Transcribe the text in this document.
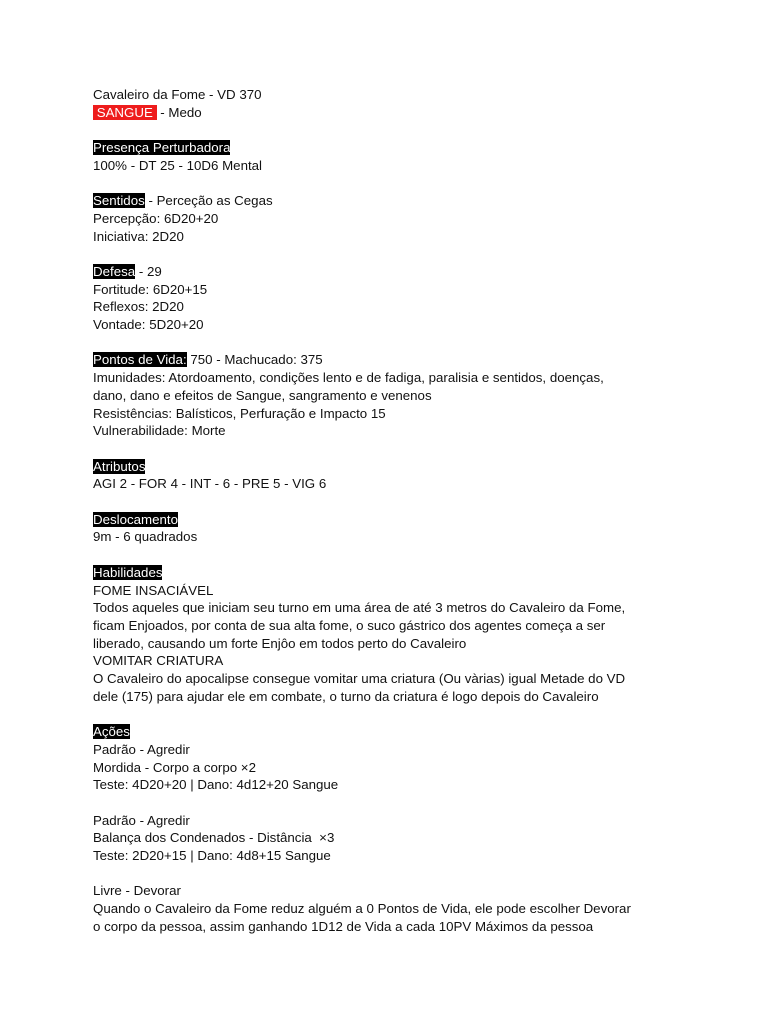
Cavaleiro da Fome - VD 370
SANGUE  - Medo
Presença Perturbadora
100% - DT 25 - 10D6 Mental
Sentidos - Perceção as Cegas
Percepção: 6D20+20
Iniciativa: 2D20
Defesa - 29
Fortitude: 6D20+15
Reflexos: 2D20
Vontade: 5D20+20
Pontos de Vida: 750 - Machucado: 375
Imunidades: Atordoamento, condições lento e de fadiga, paralisia e sentidos, doenças,
dano, dano e efeitos de Sangue, sangramento e venenos
Resistências: Balísticos, Perfuração e Impacto 15
Vulnerabilidade: Morte
Atributos
AGI 2 - FOR 4 - INT - 6 - PRE 5 - VIG 6
Deslocamento
9m - 6 quadrados
Habilidades
FOME INSACIÁVEL
Todos aqueles que iniciam seu turno em uma área de até 3 metros do Cavaleiro da Fome,
ficam Enjoados, por conta de sua alta fome, o suco gástrico dos agentes começa a ser
liberado, causando um forte Enjôo em todos perto do Cavaleiro
VOMITAR CRIATURA
O Cavaleiro do apocalipse consegue vomitar uma criatura (Ou vàrias) igual Metade do VD
dele (175) para ajudar ele em combate, o turno da criatura é logo depois do Cavaleiro
Ações
Padrão - Agredir
Mordida - Corpo a corpo ×2
Teste: 4D20+20 | Dano: 4d12+20 Sangue
Padrão - Agredir
Balança dos Condenados - Distância  ×3
Teste: 2D20+15 | Dano: 4d8+15 Sangue
Livre - Devorar
Quando o Cavaleiro da Fome reduz alguém a 0 Pontos de Vida, ele pode escolher Devorar
o corpo da pessoa, assim ganhando 1D12 de Vida a cada 10PV Máximos da pessoa
